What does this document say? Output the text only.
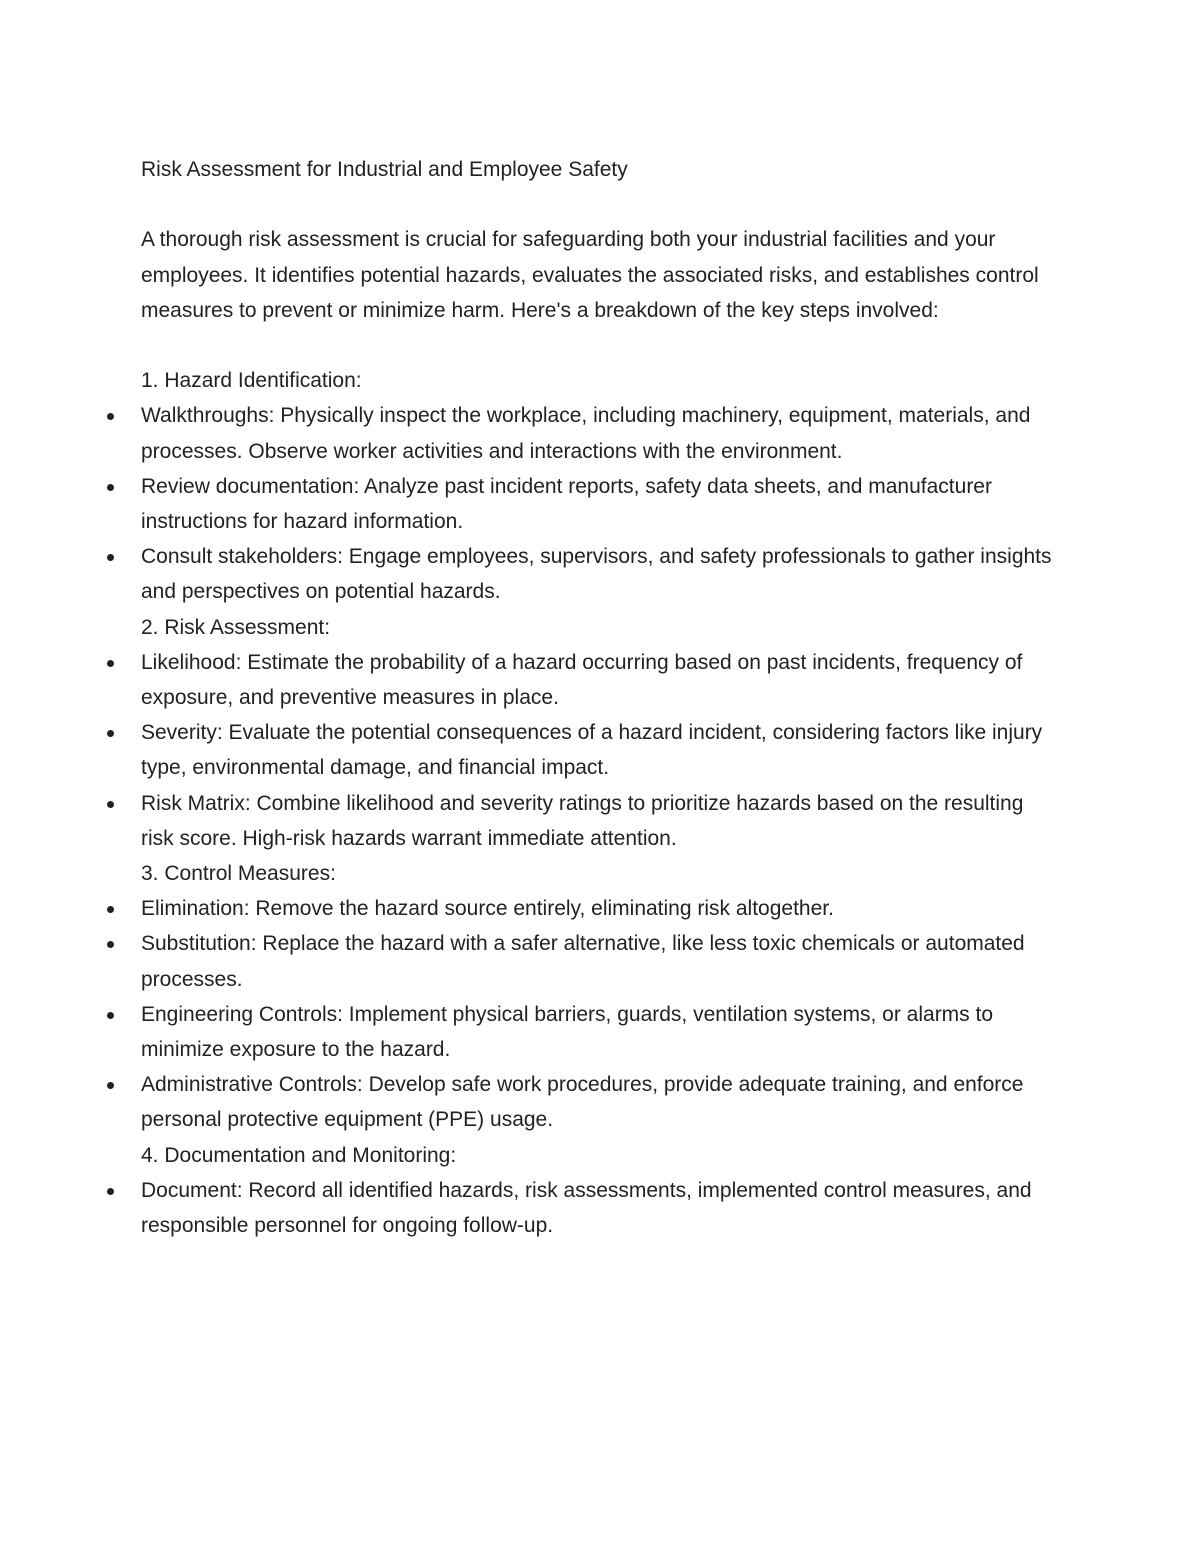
Risk Assessment for Industrial and Employee Safety

A thorough risk assessment is crucial for safeguarding both your industrial facilities and your employees. It identifies potential hazards, evaluates the associated risks, and establishes control measures to prevent or minimize harm. Here's a breakdown of the key steps involved:

1. Hazard Identification:
Walkthroughs: Physically inspect the workplace, including machinery, equipment, materials, and processes. Observe worker activities and interactions with the environment.
Review documentation: Analyze past incident reports, safety data sheets, and manufacturer instructions for hazard information.
Consult stakeholders: Engage employees, supervisors, and safety professionals to gather insights and perspectives on potential hazards.
2. Risk Assessment:
Likelihood: Estimate the probability of a hazard occurring based on past incidents, frequency of exposure, and preventive measures in place.
Severity: Evaluate the potential consequences of a hazard incident, considering factors like injury type, environmental damage, and financial impact.
Risk Matrix: Combine likelihood and severity ratings to prioritize hazards based on the resulting risk score. High-risk hazards warrant immediate attention.
3. Control Measures:
Elimination: Remove the hazard source entirely, eliminating risk altogether.
Substitution: Replace the hazard with a safer alternative, like less toxic chemicals or automated processes.
Engineering Controls: Implement physical barriers, guards, ventilation systems, or alarms to minimize exposure to the hazard.
Administrative Controls: Develop safe work procedures, provide adequate training, and enforce personal protective equipment (PPE) usage.
4. Documentation and Monitoring:
Document: Record all identified hazards, risk assessments, implemented control measures, and responsible personnel for ongoing follow-up.
